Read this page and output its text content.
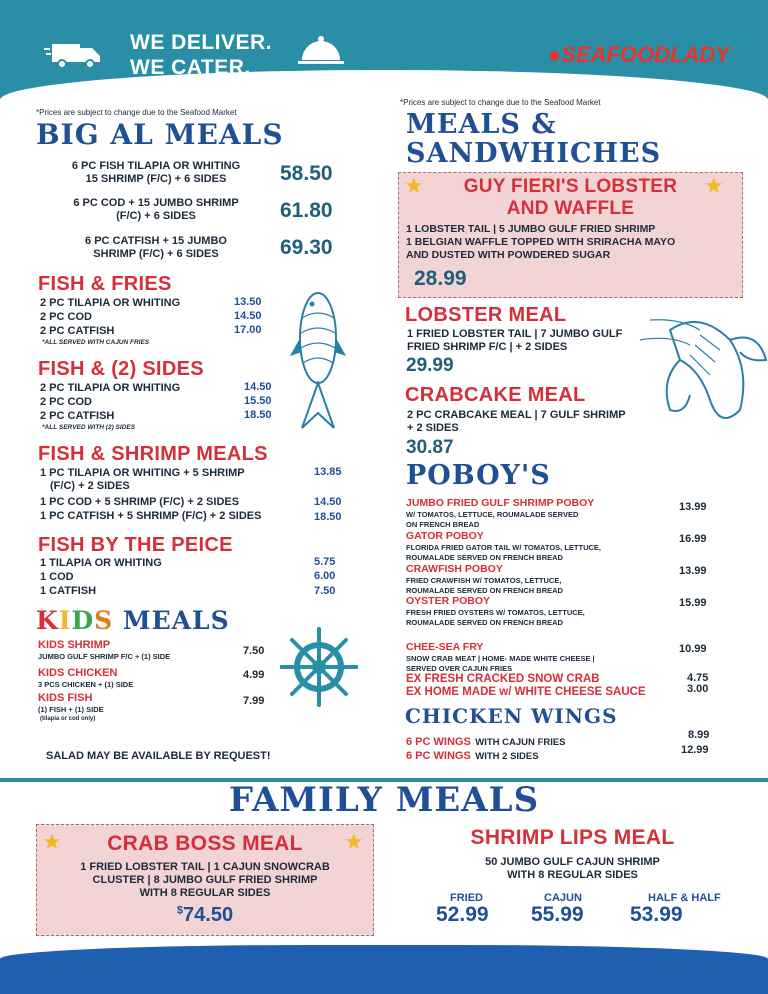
WE DELIVER.
WE CATER.
●SEAFOODLADY
*Prices are subject to change due to the Seafood Market
BIG AL MEALS
6 PC FISH TILAPIA OR WHITING
15 SHRIMP (F/C) + 6 SIDES	58.50
6 PC COD + 15 JUMBO SHRIMP
(F/C) + 6 SIDES	61.80
6 PC CATFISH + 15 JUMBO
SHRIMP (F/C) + 6 SIDES	69.30
FISH & FRIES
2 PC TILAPIA OR WHITING	13.50
2 PC COD	14.50
2 PC CATFISH	17.00
*ALL SERVED WITH CAJUN FRIES
FISH & (2) SIDES
2 PC TILAPIA OR WHITING	14.50
2 PC COD	15.50
2 PC CATFISH	18.50
*ALL SERVED WITH (2) SIDES
FISH & SHRIMP MEALS
1 PC TILAPIA OR WHITING + 5 SHRIMP
(F/C) + 2 SIDES
13.85
1 PC COD + 5 SHRIMP (F/C) + 2 SIDES	14.50
1 PC CATFISH + 5 SHRIMP (F/C) + 2 SIDES	18.50
FISH BY THE PEICE
1 TILAPIA OR WHITING	5.75
1 COD	6.00
1 CATFISH	7.50
KIDS MEALS
KIDS SHRIMP
JUMBO GULF SHRIMP F/C + (1) SIDE	7.50
KIDS CHICKEN
3 PCS CHICKEN + (1) SIDE
4.99
KIDS FISH
(1) FISH + (1) SIDE
(tilapia or cod only)
7.99
SALAD MAY BE AVAILABLE BY REQUEST!
*Prices are subject to change due to the Seafood Market
MEALS &
SANDWHICHES
★	★
GUY FIERI'S LOBSTER
AND WAFFLE
1 LOBSTER TAIL | 5 JUMBO GULF FRIED SHRIMP
1 BELGIAN WAFFLE TOPPED WITH SRIRACHA MAYO
AND DUSTED WITH POWDERED SUGAR
28.99
LOBSTER MEAL
1 FRIED LOBSTER TAIL | 7 JUMBO GULF
FRIED SHRIMP F/C | + 2 SIDES
29.99
CRABCAKE MEAL
2 PC CRABCAKE MEAL | 7 GULF SHRIMP
+ 2 SIDES
30.87
POBOY'S
JUMBO FRIED GULF SHRIMP POBOY
W/ TOMATOS, LETTUCE, ROUMALADE SERVED
ON FRENCH BREAD
13.99
GATOR POBOY
FLORIDA FRIED GATOR TAIL W/ TOMATOS, LETTUCE,
ROUMALADE SERVED ON FRENCH BREAD
16.99
CRAWFISH POBOY
FRIED CRAWFISH W/ TOMATOS, LETTUCE,
ROUMALADE SERVED ON FRENCH BREAD
13.99
OYSTER POBOY
FRESH FRIED OYSTERS W/ TOMATOS, LETTUCE,
ROUMALADE SERVED ON FRENCH BREAD
15.99
CHEE-SEA FRY
SNOW CRAB MEAT | HOME- MADE WHITE CHEESE |
SERVED OVER CAJUN FRIES
10.99
EX FRESH CRACKED SNOW CRAB	4.75
EX HOME MADE w/ WHITE CHEESE SAUCE	3.00
CHICKEN WINGS
6 PC WINGS WITH CAJUN FRIES
8.99
6 PC WINGS WITH 2 SIDES
12.99
FAMILY MEALS
★	★
CRAB BOSS MEAL
1 FRIED LOBSTER TAIL | 1 CAJUN SNOWCRAB
CLUSTER | 8 JUMBO GULF FRIED SHRIMP
WITH 8 REGULAR SIDES
$74.50
SHRIMP LIPS MEAL
50 JUMBO GULF CAJUN SHRIMP
WITH 8 REGULAR SIDES
FRIED
52.99
CAJUN
55.99
HALF & HALF
53.99
